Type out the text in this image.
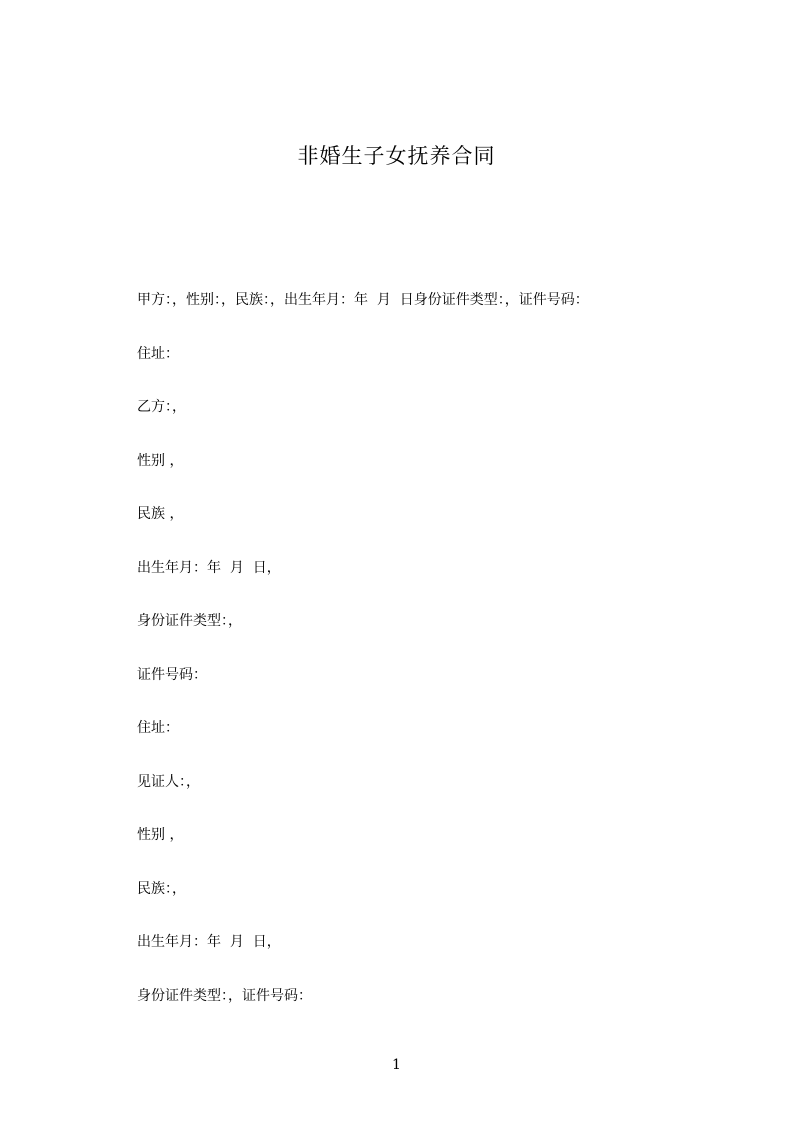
非婚生子女抚养合同
甲方：，性别：，民族：，出生年月：年  月  日身份证件类型：，证件号码：
住址：
乙方：，
性别 ，
民族 ，
出生年月：年  月  日，
身份证件类型：，
证件号码：
住址：
见证人：，
性别 ，
民族：，
出生年月：年  月  日，
身份证件类型：，证件号码：
1
